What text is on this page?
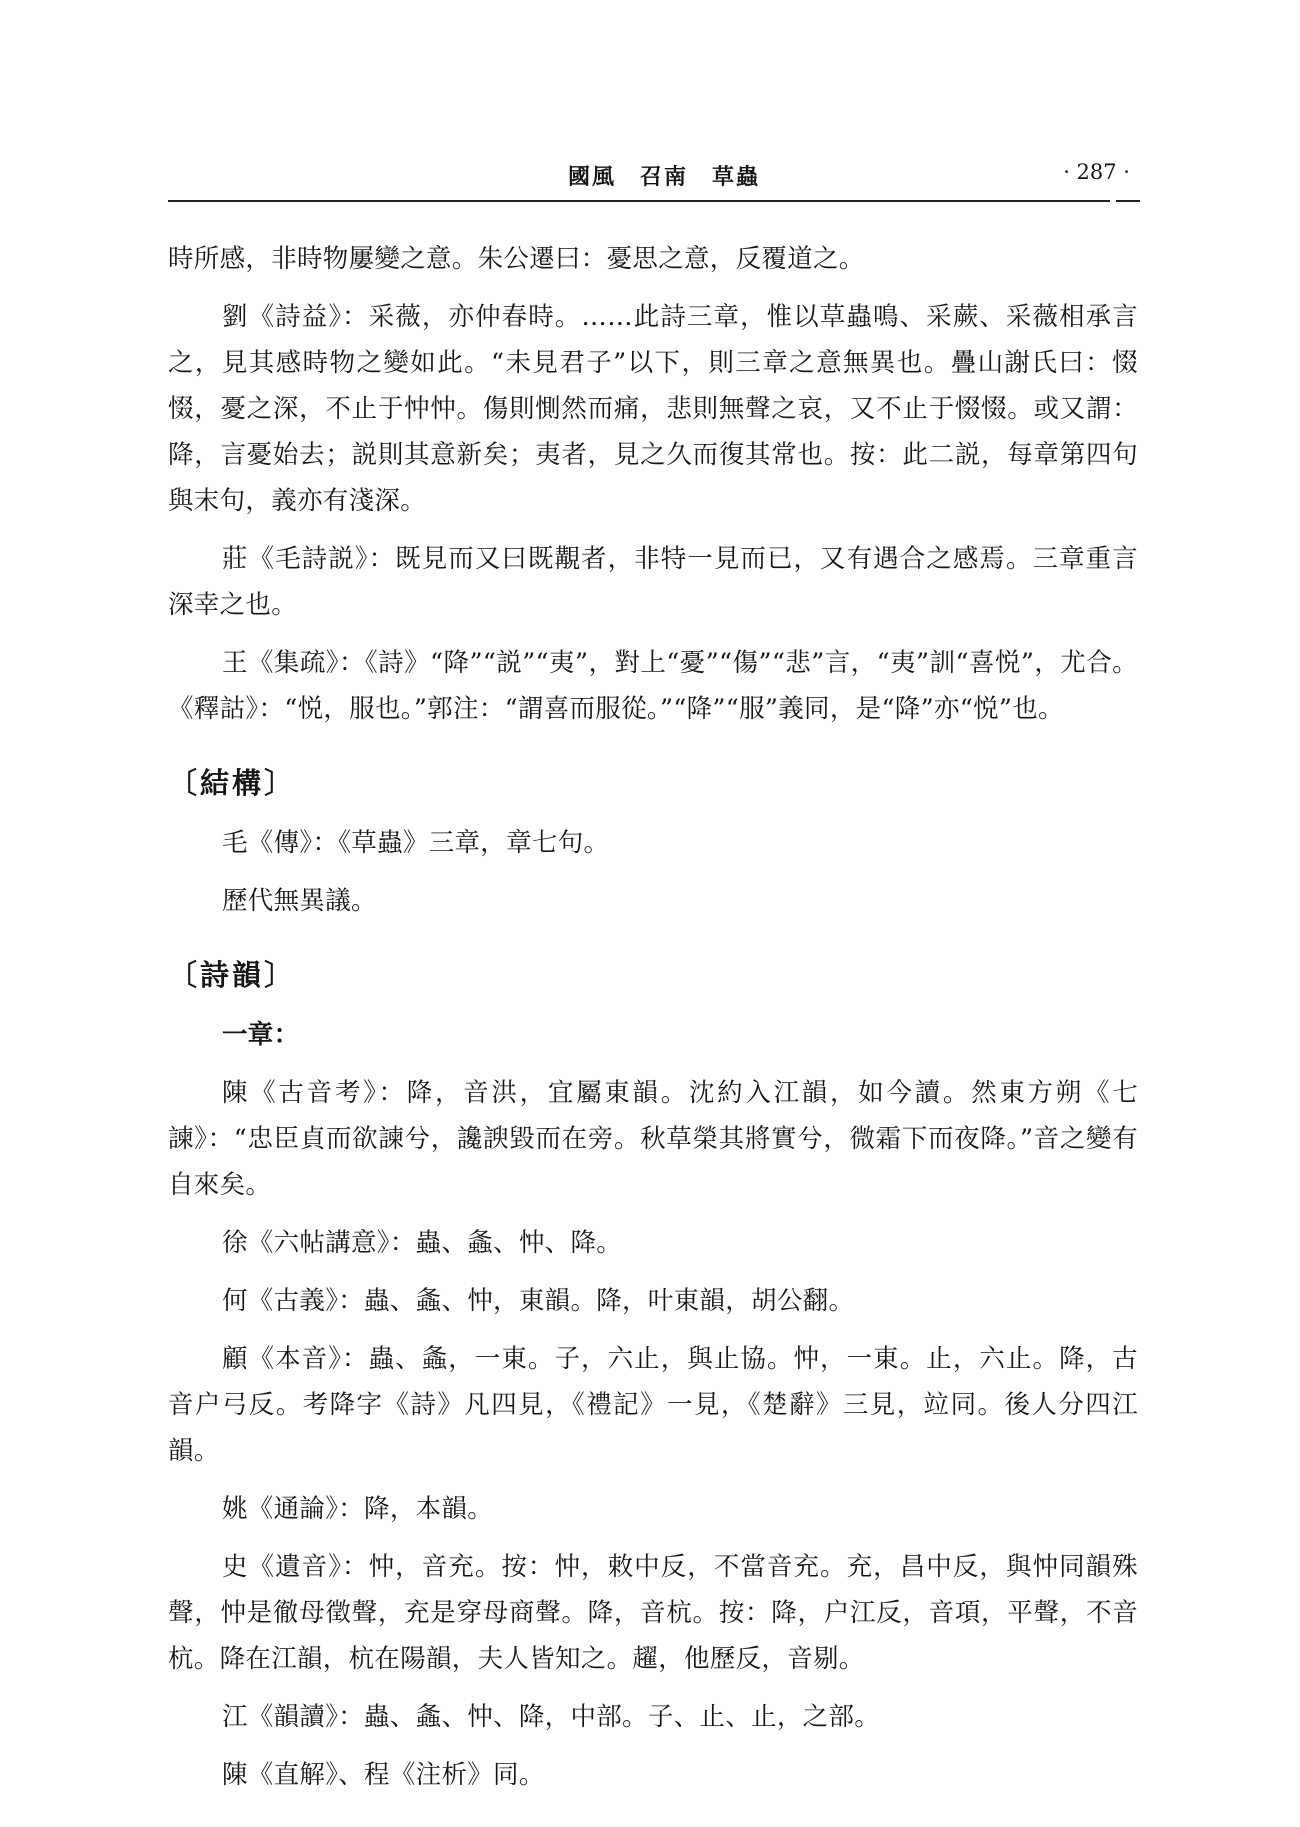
國風　召南　草蟲	· 287 ·

時所感，非時物屢變之意。朱公遷曰：憂思之意，反覆道之。

劉《詩益》：采薇，亦仲春時。……此詩三章，惟以草蟲鳴、采蕨、采薇相承言之，見其感時物之變如此。“未見君子”以下，則三章之意無異也。疊山謝氏曰：惙惙，憂之深，不止于忡忡。傷則惻然而痛，悲則無聲之哀，又不止于惙惙。或又謂：降，言憂始去；説則其意新矣；夷者，見之久而復其常也。按：此二説，每章第四句與末句，義亦有淺深。

莊《毛詩説》：既見而又曰既覯者，非特一見而已，又有遇合之感焉。三章重言深幸之也。

王《集疏》：《詩》“降”“説”“夷”，對上“憂”“傷”“悲”言，“夷”訓“喜悦”，尤合。《釋詁》：“悦，服也。”郭注：“謂喜而服從。”“降”“服”義同，是“降”亦“悦”也。

〔結構〕

毛《傳》：《草蟲》三章，章七句。

歷代無異議。

〔詩韻〕

一章：

陳《古音考》：降，音洪，宜屬東韻。沈約入江韻，如今讀。然東方朔《七諫》：“忠臣貞而欲諫兮，讒諛毀而在旁。秋草榮其將實兮，微霜下而夜降。”音之變有自來矣。

徐《六帖講意》：蟲、螽、忡、降。

何《古義》：蟲、螽、忡，東韻。降，叶東韻，胡公翻。

顧《本音》：蟲、螽，一東。子，六止，與止協。忡，一東。止，六止。降，古音户弓反。考降字《詩》凡四見，《禮記》一見，《楚辭》三見，竝同。後人分四江韻。

姚《通論》：降，本韻。

史《遺音》：忡，音充。按：忡，敕中反，不當音充。充，昌中反，與忡同韻殊聲，忡是徹母徵聲，充是穿母商聲。降，音杭。按：降，户江反，音項，平聲，不音杭。降在江韻，杭在陽韻，夫人皆知之。趯，他歷反，音剔。

江《韻讀》：蟲、螽、忡、降，中部。子、止、止，之部。

陳《直解》、程《注析》同。
